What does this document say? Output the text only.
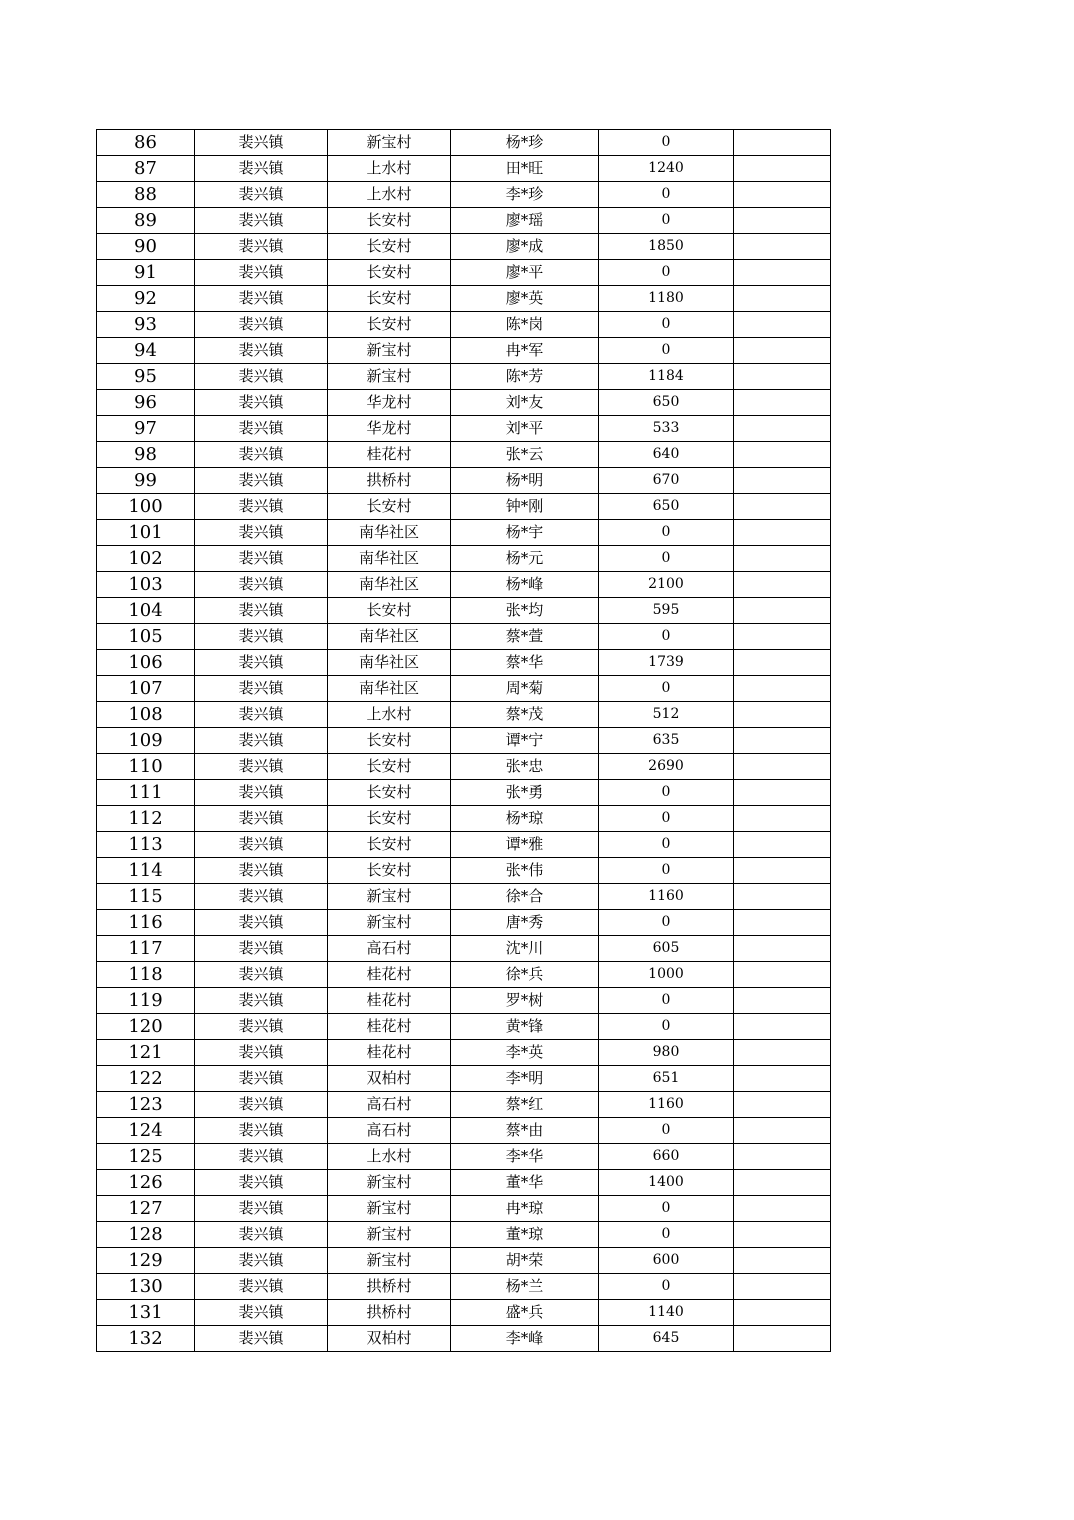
86	裴兴镇	新宝村	杨*珍	0	
87	裴兴镇	上水村	田*旺	1240	
88	裴兴镇	上水村	李*珍	0	
89	裴兴镇	长安村	廖*瑶	0	
90	裴兴镇	长安村	廖*成	1850	
91	裴兴镇	长安村	廖*平	0	
92	裴兴镇	长安村	廖*英	1180	
93	裴兴镇	长安村	陈*岗	0	
94	裴兴镇	新宝村	冉*军	0	
95	裴兴镇	新宝村	陈*芳	1184	
96	裴兴镇	华龙村	刘*友	650	
97	裴兴镇	华龙村	刘*平	533	
98	裴兴镇	桂花村	张*云	640	
99	裴兴镇	拱桥村	杨*明	670	
100	裴兴镇	长安村	钟*刚	650	
101	裴兴镇	南华社区	杨*宇	0	
102	裴兴镇	南华社区	杨*元	0	
103	裴兴镇	南华社区	杨*峰	2100	
104	裴兴镇	长安村	张*均	595	
105	裴兴镇	南华社区	蔡*萱	0	
106	裴兴镇	南华社区	蔡*华	1739	
107	裴兴镇	南华社区	周*菊	0	
108	裴兴镇	上水村	蔡*茂	512	
109	裴兴镇	长安村	谭*宁	635	
110	裴兴镇	长安村	张*忠	2690	
111	裴兴镇	长安村	张*勇	0	
112	裴兴镇	长安村	杨*琼	0	
113	裴兴镇	长安村	谭*雅	0	
114	裴兴镇	长安村	张*伟	0	
115	裴兴镇	新宝村	徐*合	1160	
116	裴兴镇	新宝村	唐*秀	0	
117	裴兴镇	高石村	沈*川	605	
118	裴兴镇	桂花村	徐*兵	1000	
119	裴兴镇	桂花村	罗*树	0	
120	裴兴镇	桂花村	黄*锋	0	
121	裴兴镇	桂花村	李*英	980	
122	裴兴镇	双柏村	李*明	651	
123	裴兴镇	高石村	蔡*红	1160	
124	裴兴镇	高石村	蔡*由	0	
125	裴兴镇	上水村	李*华	660	
126	裴兴镇	新宝村	董*华	1400	
127	裴兴镇	新宝村	冉*琼	0	
128	裴兴镇	新宝村	董*琼	0	
129	裴兴镇	新宝村	胡*荣	600	
130	裴兴镇	拱桥村	杨*兰	0	
131	裴兴镇	拱桥村	盛*兵	1140	
132	裴兴镇	双柏村	李*峰	645	
